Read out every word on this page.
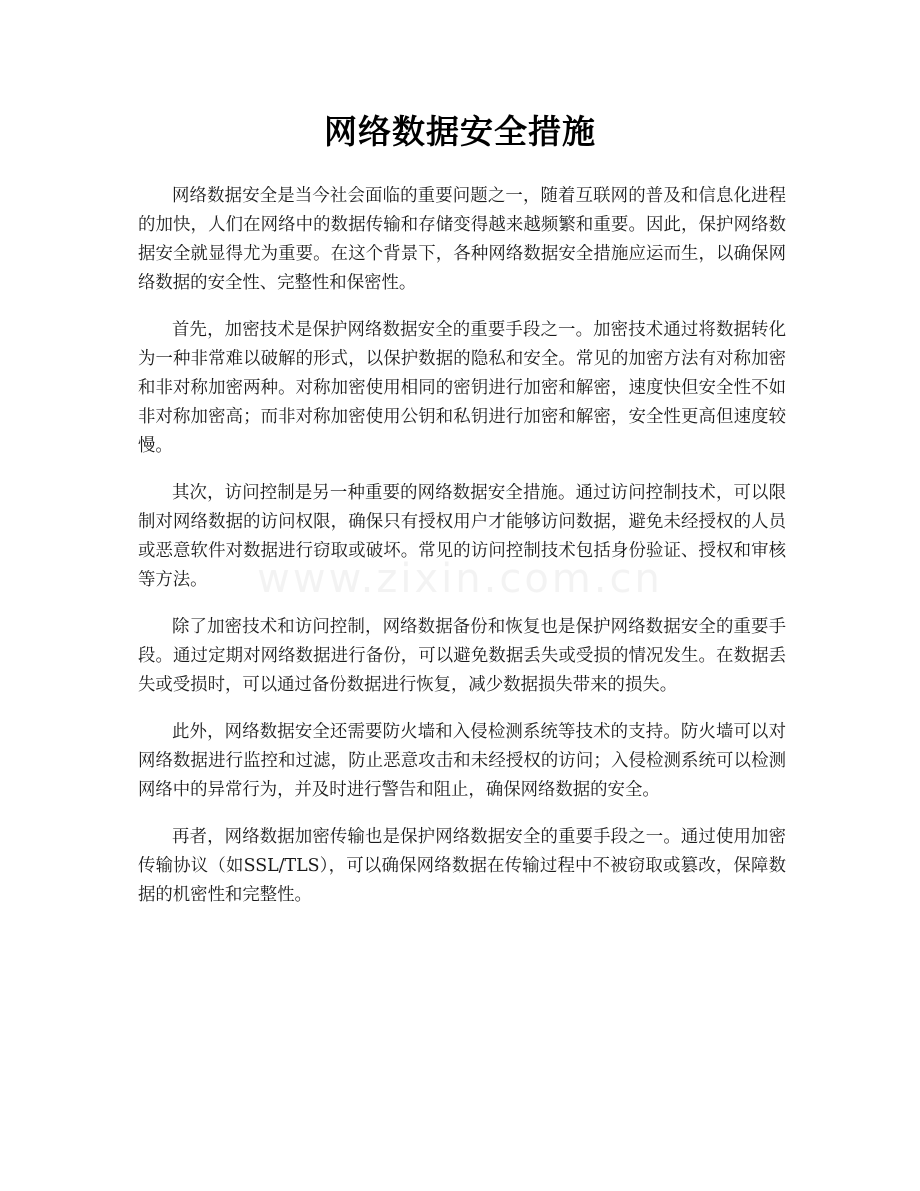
www.zixin.com.cn
网络数据安全措施

网络数据安全是当今社会面临的重要问题之一，随着互联网的普及和信息化进程的加快，人们在网络中的数据传输和存储变得越来越频繁和重要。因此，保护网络数据安全就显得尤为重要。在这个背景下，各种网络数据安全措施应运而生，以确保网络数据的安全性、完整性和保密性。

首先，加密技术是保护网络数据安全的重要手段之一。加密技术通过将数据转化为一种非常难以破解的形式，以保护数据的隐私和安全。常见的加密方法有对称加密和非对称加密两种。对称加密使用相同的密钥进行加密和解密，速度快但安全性不如非对称加密高；而非对称加密使用公钥和私钥进行加密和解密，安全性更高但速度较慢。

其次，访问控制是另一种重要的网络数据安全措施。通过访问控制技术，可以限制对网络数据的访问权限，确保只有授权用户才能够访问数据，避免未经授权的人员或恶意软件对数据进行窃取或破坏。常见的访问控制技术包括身份验证、授权和审核等方法。

除了加密技术和访问控制，网络数据备份和恢复也是保护网络数据安全的重要手段。通过定期对网络数据进行备份，可以避免数据丢失或受损的情况发生。在数据丢失或受损时，可以通过备份数据进行恢复，减少数据损失带来的损失。

此外，网络数据安全还需要防火墙和入侵检测系统等技术的支持。防火墙可以对网络数据进行监控和过滤，防止恶意攻击和未经授权的访问；入侵检测系统可以检测网络中的异常行为，并及时进行警告和阻止，确保网络数据的安全。

再者，网络数据加密传输也是保护网络数据安全的重要手段之一。通过使用加密传输协议（如SSL/TLS），可以确保网络数据在传输过程中不被窃取或篡改，保障数据的机密性和完整性。
